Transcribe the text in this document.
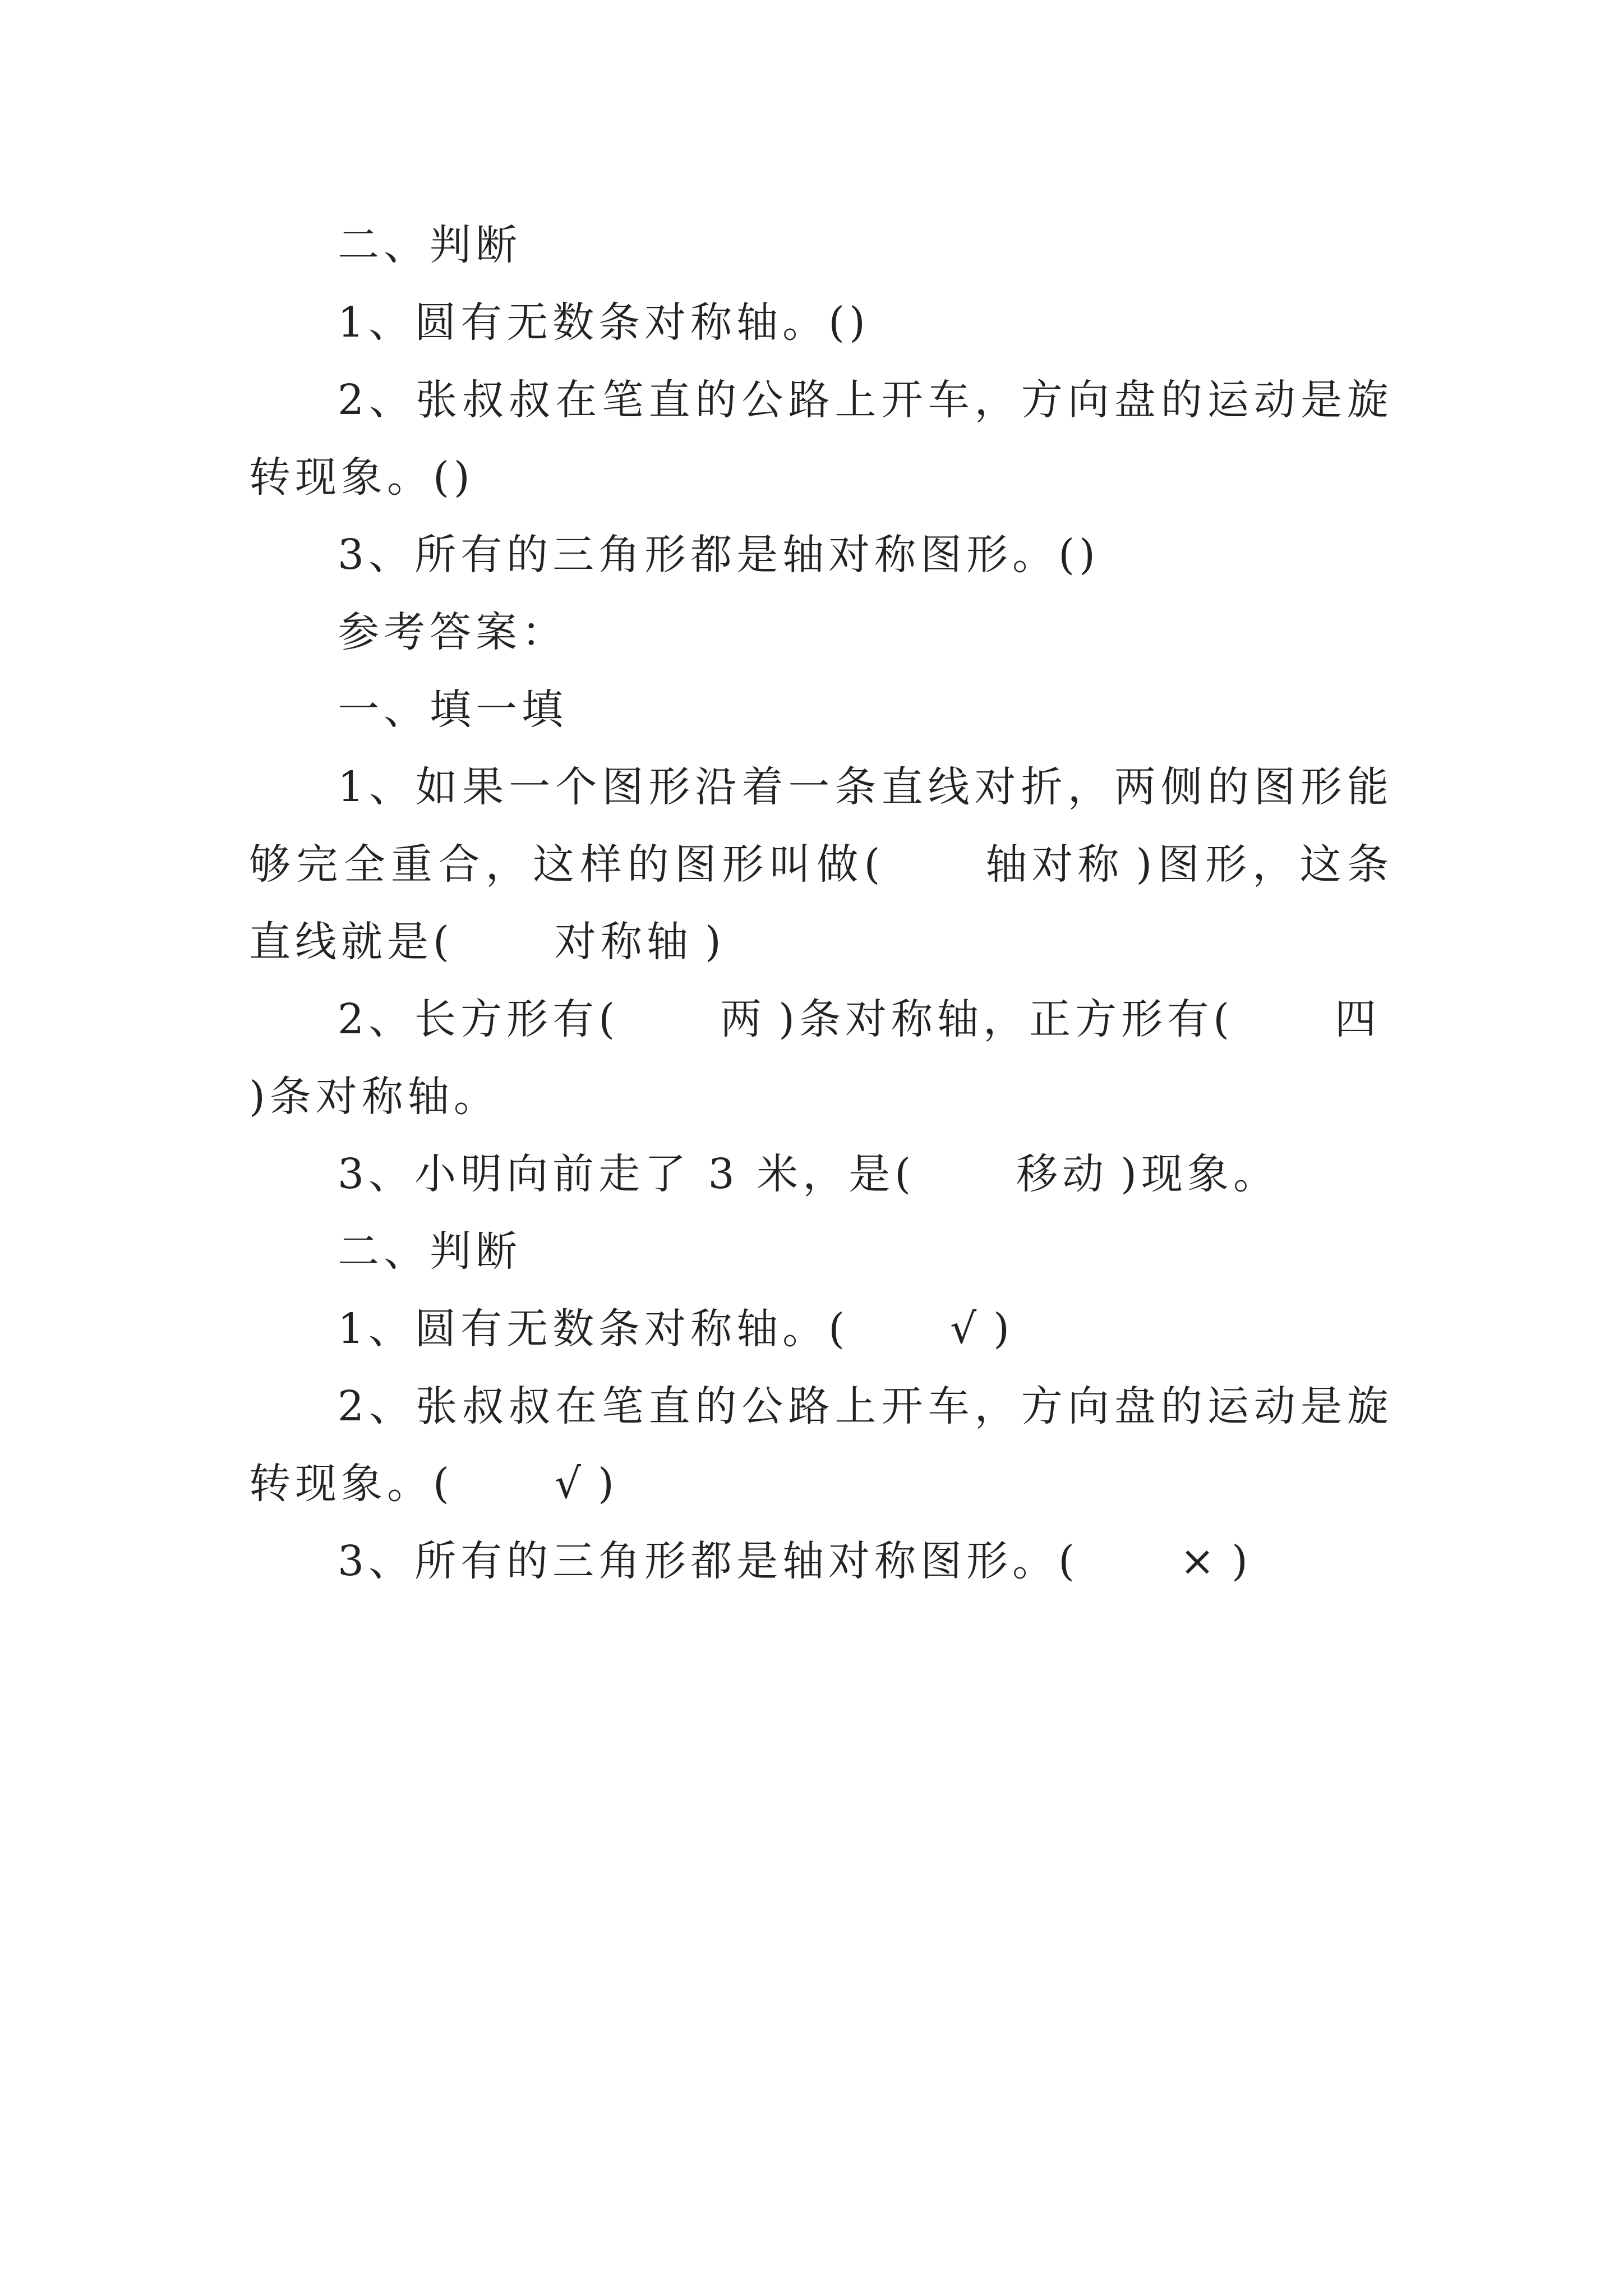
二、判断

1、圆有无数条对称轴。()

2、张叔叔在笔直的公路上开车，方向盘的运动是旋转现象。()

3、所有的三角形都是轴对称图形。()

参考答案：

一、填一填

1、如果一个图形沿着一条直线对折，两侧的图形能够完全重合，这样的图形叫做( 轴对称 )图形，这条直线就是( 对称轴 )

2、长方形有( 两 )条对称轴，正方形有( 四)条对称轴。

3、小明向前走了 3 米，是( 移动 )现象。

二、判断

1、圆有无数条对称轴。( √ )

2、张叔叔在笔直的公路上开车，方向盘的运动是旋转现象。( √ )

3、所有的三角形都是轴对称图形。( × )
